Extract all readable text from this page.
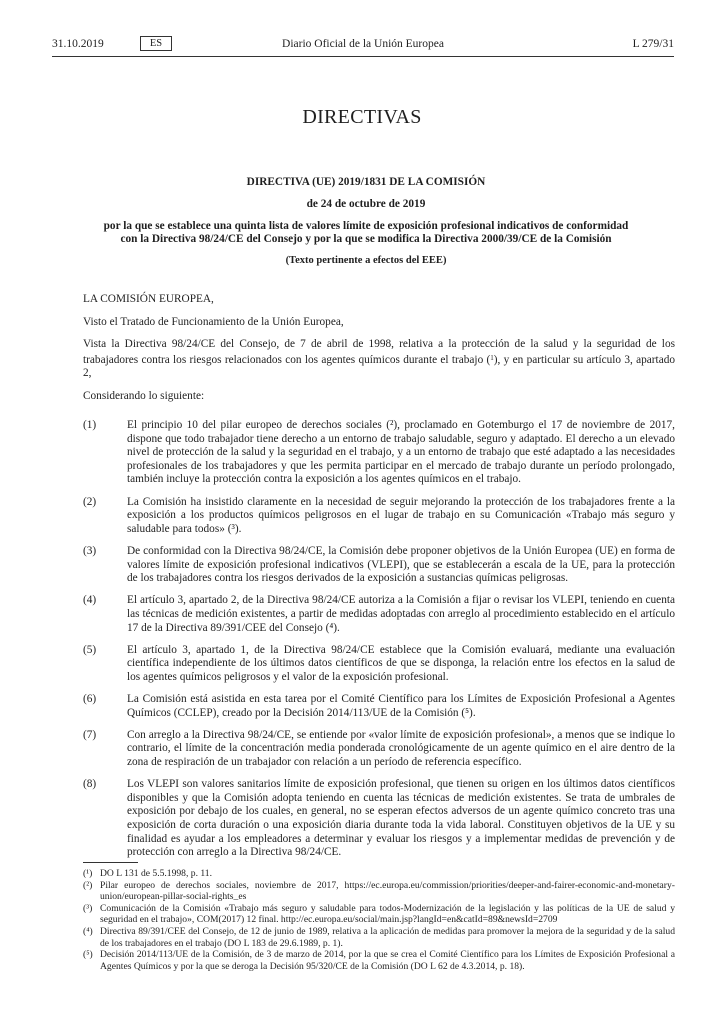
31.10.2019	ES	Diario Oficial de la Unión Europea	L 279/31
DIRECTIVAS

DIRECTIVA (UE) 2019/1831 DE LA COMISIÓN

de 24 de octubre de 2019

por la que se establece una quinta lista de valores límite de exposición profesional indicativos de conformidad con la Directiva 98/24/CE del Consejo y por la que se modifica la Directiva 2000/39/CE de la Comisión

(Texto pertinente a efectos del EEE)

LA COMISIÓN EUROPEA,

Visto el Tratado de Funcionamiento de la Unión Europea,

Vista la Directiva 98/24/CE del Consejo, de 7 de abril de 1998, relativa a la protección de la salud y la seguridad de los trabajadores contra los riesgos relacionados con los agentes químicos durante el trabajo ($^1$), y en particular su artículo 3, apartado 2,

Considerando lo siguiente:

(1)	El principio 10 del pilar europeo de derechos sociales (²), proclamado en Gotemburgo el 17 de noviembre de 2017, dispone que todo trabajador tiene derecho a un entorno de trabajo saludable, seguro y adaptado. El derecho a un elevado nivel de protección de la salud y la seguridad en el trabajo, y a un entorno de trabajo que esté adaptado a las necesidades profesionales de los trabajadores y que les permita participar en el mercado de trabajo durante un período prolongado, también incluye la protección contra la exposición a los agentes químicos en el trabajo.
(2)	La Comisión ha insistido claramente en la necesidad de seguir mejorando la protección de los trabajadores frente a la exposición a los productos químicos peligrosos en el lugar de trabajo en su Comunicación «Trabajo más seguro y saludable para todos» (³).
(3)	De conformidad con la Directiva 98/24/CE, la Comisión debe proponer objetivos de la Unión Europea (UE) en forma de valores límite de exposición profesional indicativos (VLEPI), que se establecerán a escala de la UE, para la protección de los trabajadores contra los riesgos derivados de la exposición a sustancias químicas peligrosas.
(4)	El artículo 3, apartado 2, de la Directiva 98/24/CE autoriza a la Comisión a fijar o revisar los VLEPI, teniendo en cuenta las técnicas de medición existentes, a partir de medidas adoptadas con arreglo al procedimiento establecido en el artículo 17 de la Directiva 89/391/CEE del Consejo (⁴).
(5)	El artículo 3, apartado 1, de la Directiva 98/24/CE establece que la Comisión evaluará, mediante una evaluación científica independiente de los últimos datos científicos de que se disponga, la relación entre los efectos en la salud de los agentes químicos peligrosos y el valor de la exposición profesional.
(6)	La Comisión está asistida en esta tarea por el Comité Científico para los Límites de Exposición Profesional a Agentes Químicos (CCLEP), creado por la Decisión 2014/113/UE de la Comisión (⁵).
(7)	Con arreglo a la Directiva 98/24/CE, se entiende por «valor límite de exposición profesional», a menos que se indique lo contrario, el límite de la concentración media ponderada cronológicamente de un agente químico en el aire dentro de la zona de respiración de un trabajador con relación a un período de referencia específico.
(8)	Los VLEPI son valores sanitarios límite de exposición profesional, que tienen su origen en los últimos datos científicos disponibles y que la Comisión adopta teniendo en cuenta las técnicas de medición existentes. Se trata de umbrales de exposición por debajo de los cuales, en general, no se esperan efectos adversos de un agente químico concreto tras una exposición de corta duración o una exposición diaria durante toda la vida laboral. Constituyen objetivos de la UE y su finalidad es ayudar a los empleadores a determinar y evaluar los riesgos y a implementar medidas de prevención y de protección con arreglo a la Directiva 98/24/CE.

(¹) DO L 131 de 5.5.1998, p. 11.

(²) Pilar europeo de derechos sociales, noviembre de 2017, https://ec.europa.eu/commission/priorities/deeper-and-fairer-economic-and-monetary-union/european-pillar-social-rights_es

(³) Comunicación de la Comisión «Trabajo más seguro y saludable para todos-Modernización de la legislación y las políticas de la UE de salud y seguridad en el trabajo», COM(2017) 12 final. http://ec.europa.eu/social/main.jsp?langId=en&catId=89&newsId=2709

(⁴) Directiva 89/391/CEE del Consejo, de 12 de junio de 1989, relativa a la aplicación de medidas para promover la mejora de la seguridad y de la salud de los trabajadores en el trabajo (DO L 183 de 29.6.1989, p. 1).

(⁵) Decisión 2014/113/UE de la Comisión, de 3 de marzo de 2014, por la que se crea el Comité Científico para los Límites de Exposición Profesional a Agentes Químicos y por la que se deroga la Decisión 95/320/CE de la Comisión (DO L 62 de 4.3.2014, p. 18).
